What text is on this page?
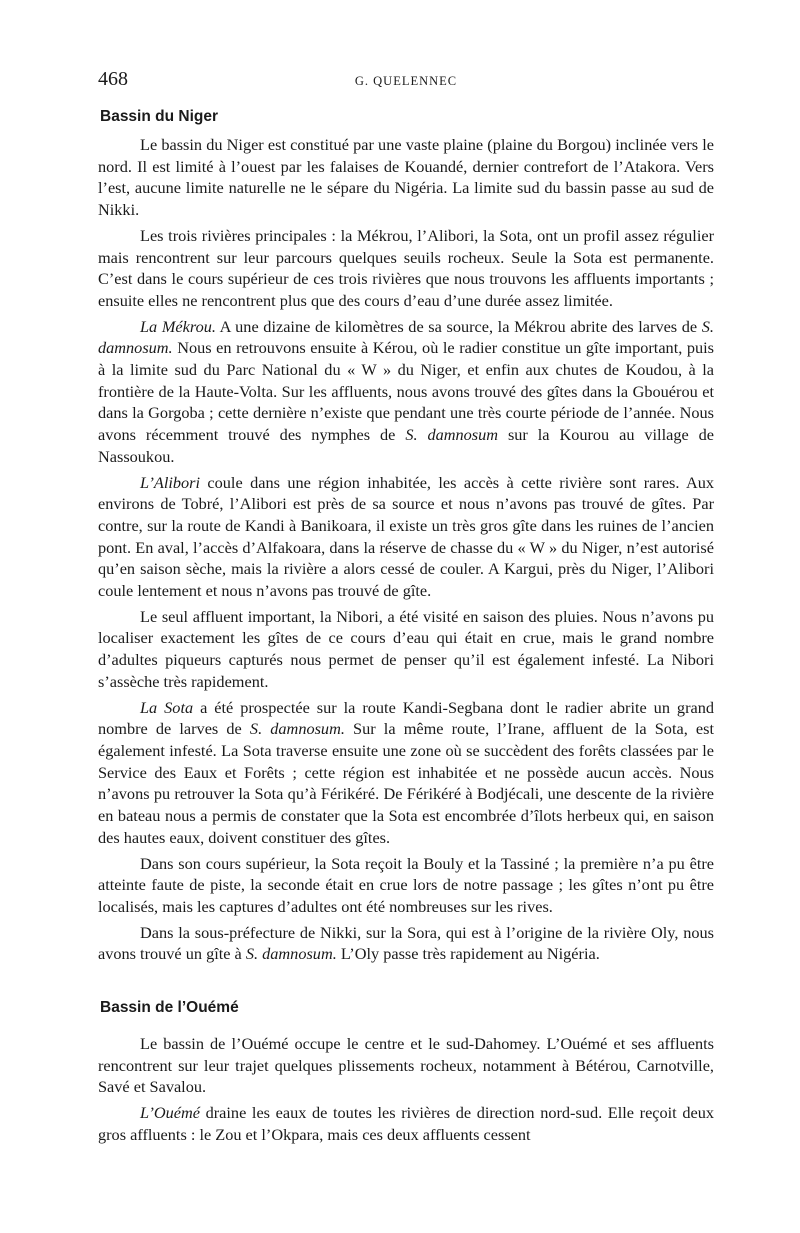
468	G. QUELENNEC
Bassin du Niger

Le bassin du Niger est constitué par une vaste plaine (plaine du Borgou) inclinée vers le nord. Il est limité à l’ouest par les falaises de Kouandé, dernier contrefort de l’Atakora. Vers l’est, aucune limite naturelle ne le sépare du Nigéria. La limite sud du bassin passe au sud de Nikki.

Les trois rivières principales : la Mékrou, l’Alibori, la Sota, ont un profil assez régulier mais rencontrent sur leur parcours quelques seuils rocheux. Seule la Sota est permanente. C’est dans le cours supérieur de ces trois rivières que nous trouvons les affluents importants ; ensuite elles ne rencontrent plus que des cours d’eau d’une durée assez limitée.

La Mékrou. A une dizaine de kilomètres de sa source, la Mékrou abrite des larves de S. damnosum. Nous en retrouvons ensuite à Kérou, où le radier constitue un gîte important, puis à la limite sud du Parc National du « W » du Niger, et enfin aux chutes de Koudou, à la frontière de la Haute-Volta. Sur les affluents, nous avons trouvé des gîtes dans la Gbouérou et dans la Gorgoba ; cette dernière n’existe que pendant une très courte période de l’année. Nous avons récemment trouvé des nymphes de S. damnosum sur la Kourou au village de Nassoukou.

L’Alibori coule dans une région inhabitée, les accès à cette rivière sont rares. Aux environs de Tobré, l’Alibori est près de sa source et nous n’avons pas trouvé de gîtes. Par contre, sur la route de Kandi à Banikoara, il existe un très gros gîte dans les ruines de l’ancien pont. En aval, l’accès d’Alfakoara, dans la réserve de chasse du « W » du Niger, n’est autorisé qu’en saison sèche, mais la rivière a alors cessé de couler. A Kargui, près du Niger, l’Alibori coule lentement et nous n’avons pas trouvé de gîte.

Le seul affluent important, la Nibori, a été visité en saison des pluies. Nous n’avons pu localiser exactement les gîtes de ce cours d’eau qui était en crue, mais le grand nombre d’adultes piqueurs capturés nous permet de penser qu’il est également infesté. La Nibori s’assèche très rapidement.

La Sota a été prospectée sur la route Kandi-Segbana dont le radier abrite un grand nombre de larves de S. damnosum. Sur la même route, l’Irane, affluent de la Sota, est également infesté. La Sota traverse ensuite une zone où se succèdent des forêts classées par le Service des Eaux et Forêts ; cette région est inhabitée et ne possède aucun accès. Nous n’avons pu retrouver la Sota qu’à Férikéré. De Férikéré à Bodjécali, une descente de la rivière en bateau nous a permis de constater que la Sota est encombrée d’îlots herbeux qui, en saison des hautes eaux, doivent constituer des gîtes.

Dans son cours supérieur, la Sota reçoit la Bouly et la Tassiné ; la première n’a pu être atteinte faute de piste, la seconde était en crue lors de notre passage ; les gîtes n’ont pu être localisés, mais les captures d’adultes ont été nombreuses sur les rives.

Dans la sous-préfecture de Nikki, sur la Sora, qui est à l’origine de la rivière Oly, nous avons trouvé un gîte à S. damnosum. L’Oly passe très rapidement au Nigéria.

Bassin de l’Ouémé

Le bassin de l’Ouémé occupe le centre et le sud-Dahomey. L’Ouémé et ses affluents rencontrent sur leur trajet quelques plissements rocheux, notamment à Bétérou, Carnotville, Savé et Savalou.

L’Ouémé draine les eaux de toutes les rivières de direction nord-sud. Elle reçoit deux gros affluents : le Zou et l’Okpara, mais ces deux affluents cessent
